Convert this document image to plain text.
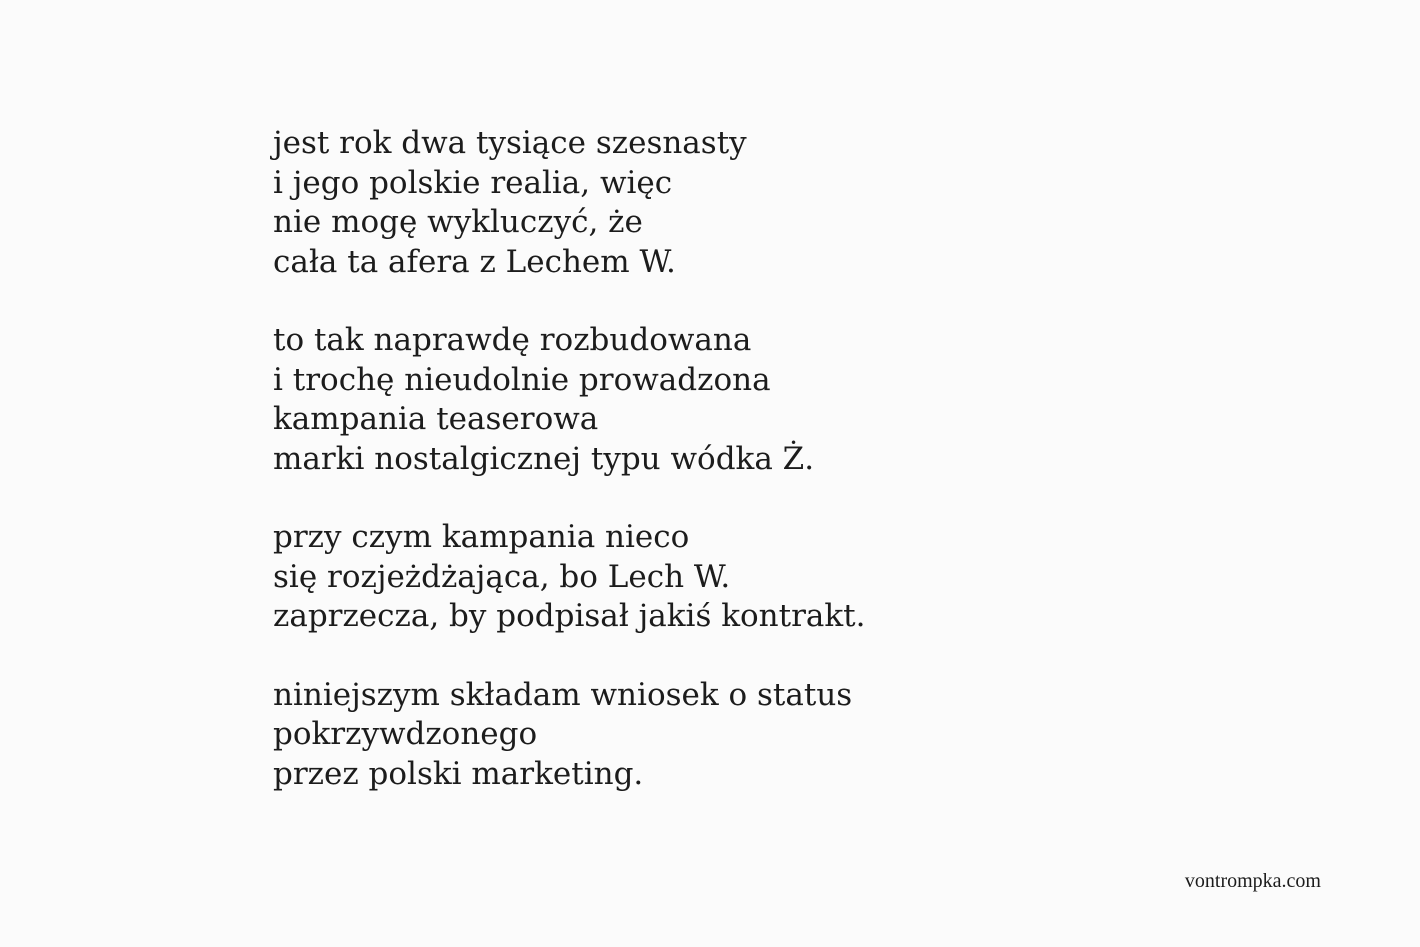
jest rok dwa tysiące szesnasty
i jego polskie realia, więc
nie mogę wykluczyć, że
cała ta afera z Lechem W.
to tak naprawdę rozbudowana
i trochę nieudolnie prowadzona
kampania teaserowa
marki nostalgicznej typu wódka Ż.
przy czym kampania nieco
się rozjeżdżająca, bo Lech W.
zaprzecza, by podpisał jakiś kontrakt.
niniejszym składam wniosek o status
pokrzywdzonego
przez polski marketing.
vontrompka.com
